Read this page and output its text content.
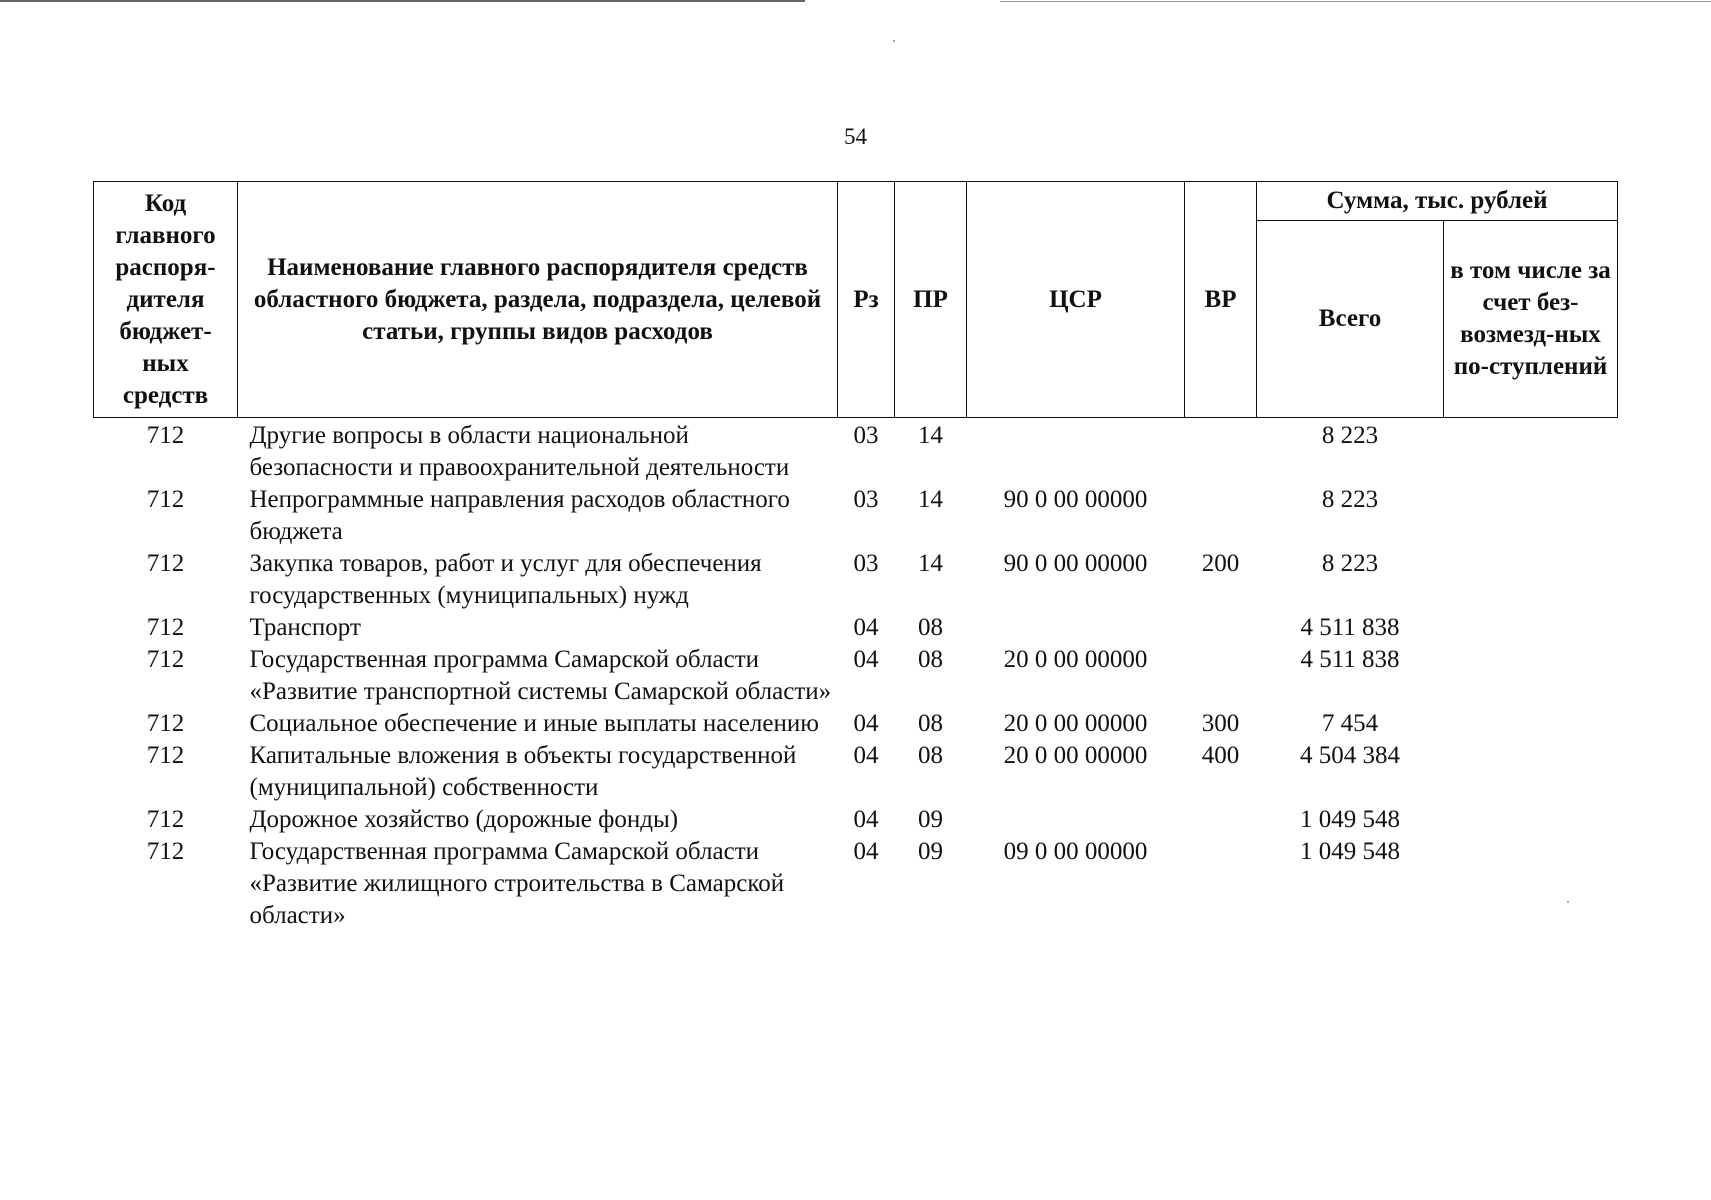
54
Код главного распоря-дителя бюджет-ных средств	Наименование главного распорядителя средств областного бюджета, раздела, подраздела, целевой статьи, группы видов расходов	Рз	ПР	ЦСР	ВР	Сумма, тыс. рублей	
						Всего	в том числе за счет без-возмезд-ных по-ступлений
712	Другие вопросы в области национальной безопасности и правоохранительной деятельности	03	14			8 223	
712	Непрограммные направления расходов областного бюджета	03	14	90 0 00 00000		8 223	
712	Закупка товаров, работ и услуг для обеспечения государственных (муниципальных) нужд	03	14	90 0 00 00000	200	8 223	
712	Транспорт	04	08			4 511 838	
712	Государственная программа Самарской области «Развитие транспортной системы Самарской области»	04	08	20 0 00 00000		4 511 838	
712	Социальное обеспечение и иные выплаты населению	04	08	20 0 00 00000	300	7 454	
712	Капитальные вложения в объекты государственной (муниципальной) собственности	04	08	20 0 00 00000	400	4 504 384	
712	Дорожное хозяйство (дорожные фонды)	04	09			1 049 548	
712	Государственная программа Самарской области «Развитие жилищного строительства в Самарской области»	04	09	09 0 00 00000		1 049 548	
